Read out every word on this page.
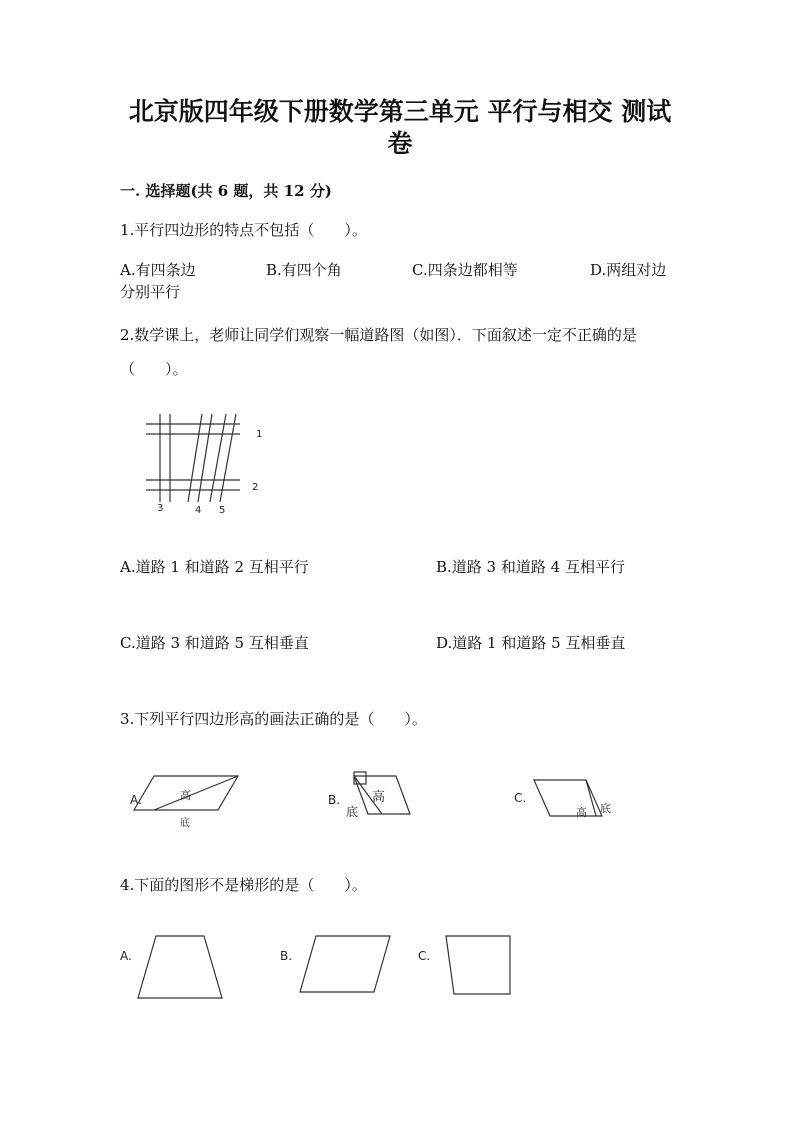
北京版四年级下册数学第三单元 平行与相交 测试
卷
一. 选择题(共 6 题，共 12 分)
1.平行四边形的特点不包括（　　）。
A.有四条边	B.有四个角	C.四条边都相等	D.两组对边
分别平行
2.数学课上，老师让同学们观察一幅道路图（如图）．下面叙述一定不正确的是（　　）。
1
2
3	4 5
A.道路 1 和道路 2 互相平行	B.道路 3 和道路 4 互相平行
C.道路 3 和道路 5 互相垂直	D.道路 1 和道路 5 互相垂直
3.下列平行四边形高的画法正确的是（　　）。
A.	高
底
B. 高
底
C.
高 底
4.下面的图形不是梯形的是（　　）。
A.	B.	C.
